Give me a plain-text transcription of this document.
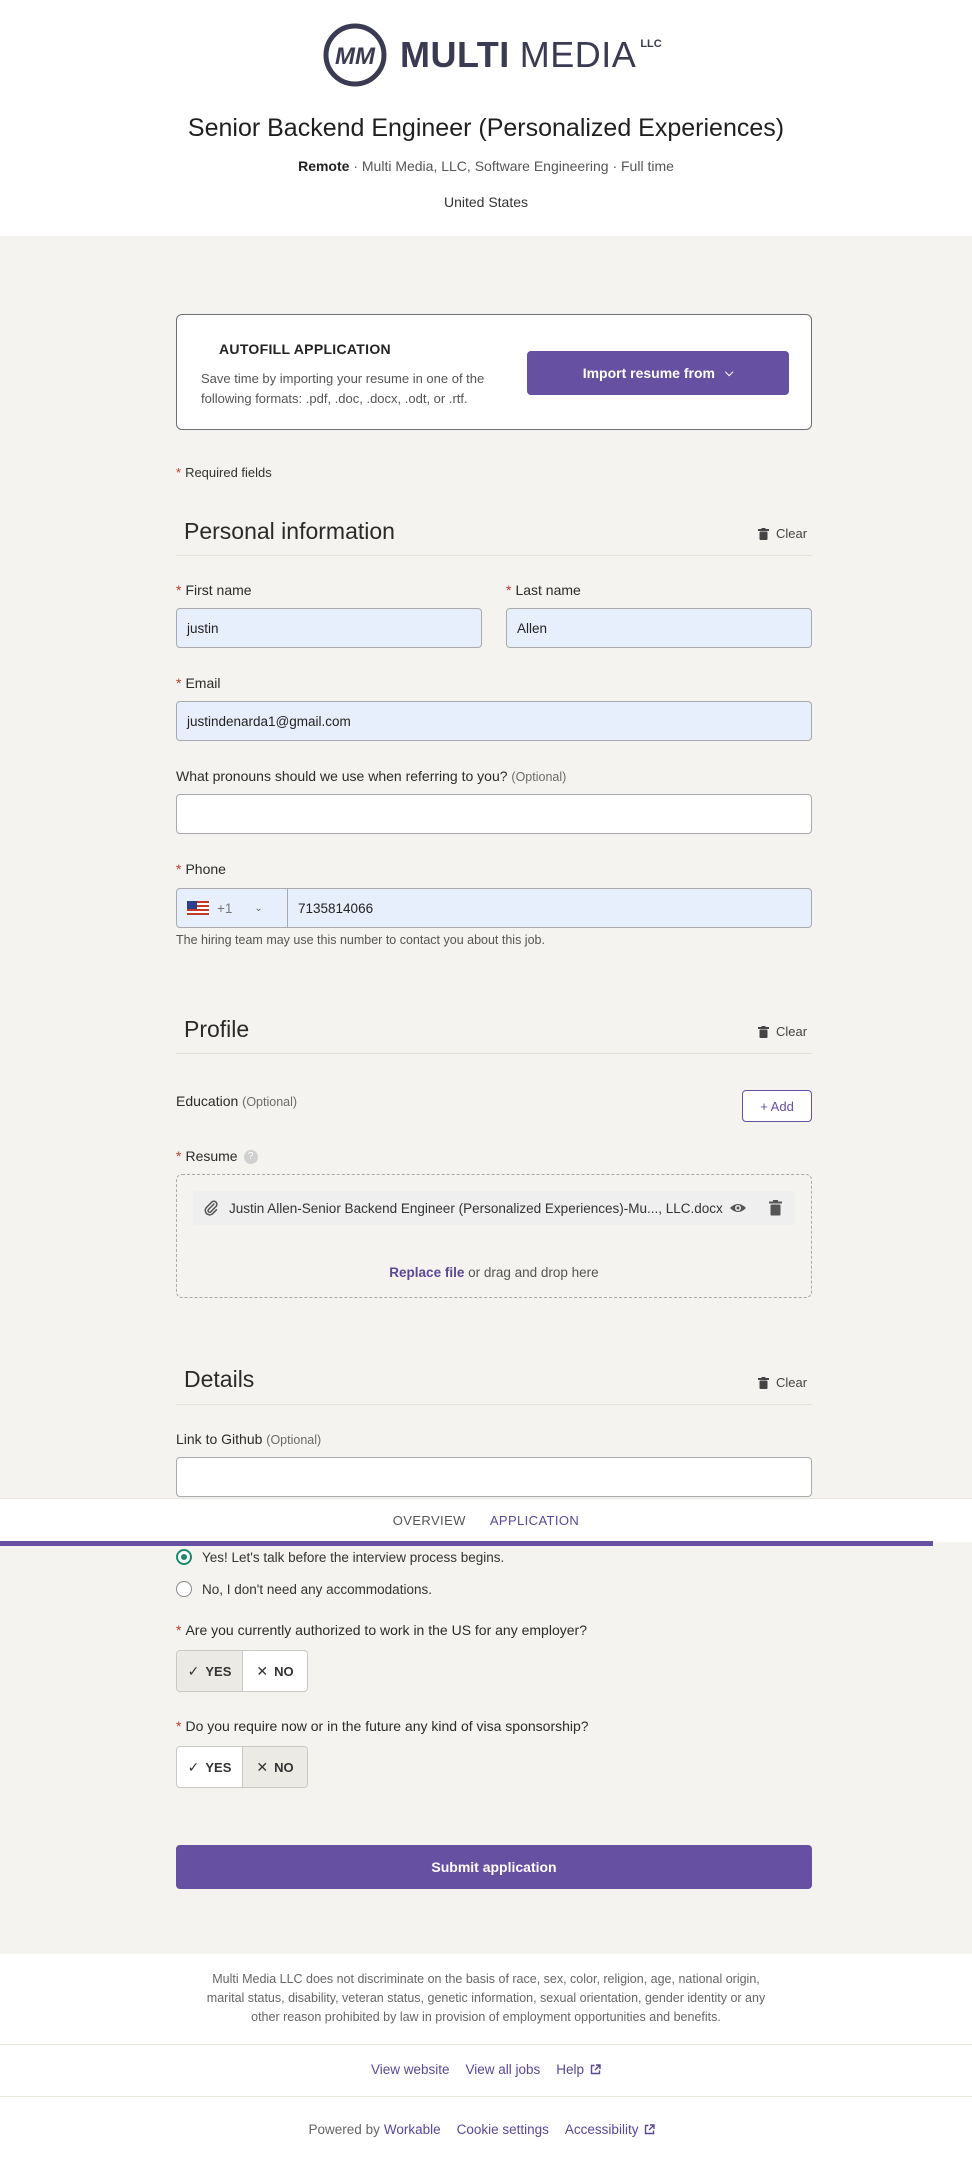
MM MULTI MEDIA $^{LLC}$
Senior Backend Engineer (Personalized Experiences)
Remote · Multi Media, LLC, Software Engineering · Full time
United States
AUTOFILL APPLICATION
Save time by importing your resume in one of the following formats: .pdf, .doc, .docx, .odt, or .rtf.
Import resume from ⌵
* Required fields
Personal information	Clear
* First name
justin
* Last name
Allen
* Email
justindenarda1@gmail.com
What pronouns should we use when referring to you? (Optional)
* Phone
+1 ⌄	7135814066
The hiring team may use this number to contact you about this job.
Profile	Clear
Education (Optional)	+ Add
* Resume ?
Justin Allen-Senior Backend Engineer (Personalized Experiences)-Mu..., LLC.docx
Replace file or drag and drop here
Details	Clear
Link to Github (Optional)
Yes! Let's talk before the interview process begins.
No, I don't need any accommodations.
* Are you currently authorized to work in the US for any employer?
✓ YES ✕ NO
* Do you require now or in the future any kind of visa sponsorship?
✓ YES ✕ NO
Submit application
OVERVIEW APPLICATION
Multi Media LLC does not discriminate on the basis of race, sex, color, religion, age, national origin, marital status, disability, veteran status, genetic information, sexual orientation, gender identity or any other reason prohibited by law in provision of employment opportunities and benefits.
View website View all jobs Help
Powered by Workable Cookie settings Accessibility
